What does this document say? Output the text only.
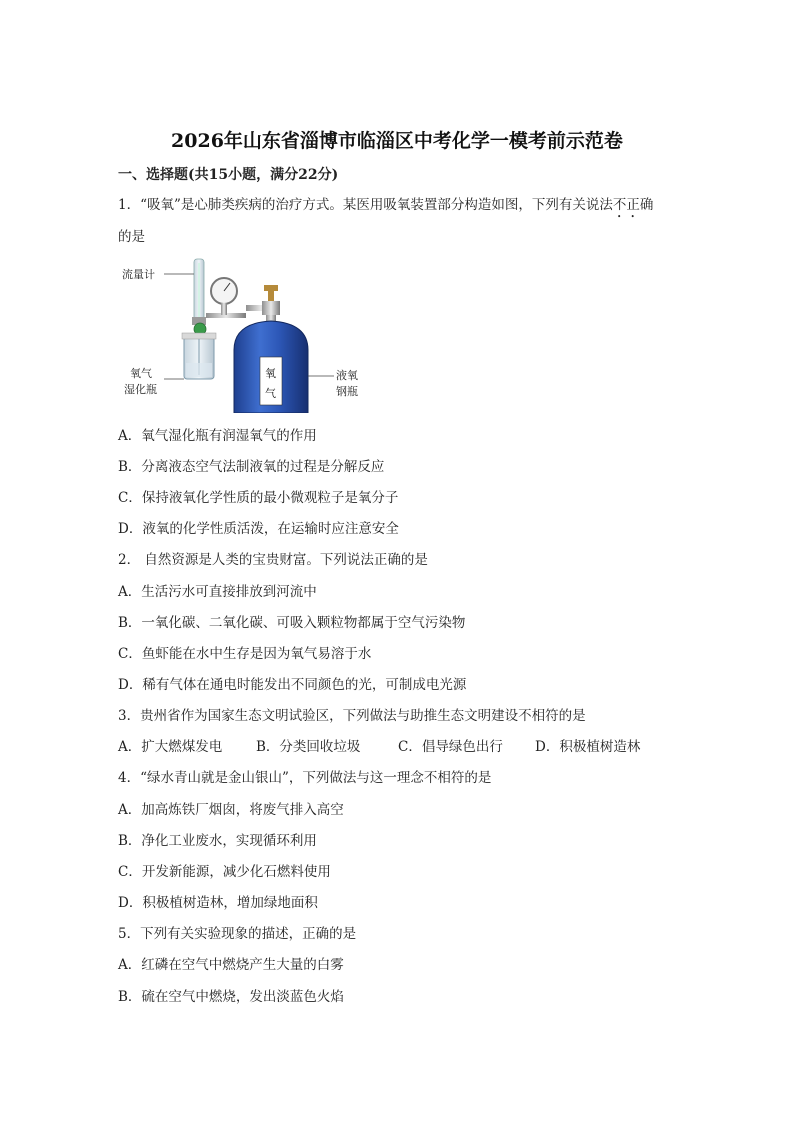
2026年山东省淄博市临淄区中考化学一模考前示范卷
一、选择题(共15小题，满分22分)
1．“吸氧”是心肺类疾病的治疗方式。某医用吸氧装置部分构造如图，下列有关说法不正确
的是
流量计
氧气
湿化瓶
液氧
钢瓶
氧
气
A．氧气湿化瓶有润湿氧气的作用
B．分离液态空气法制液氧的过程是分解反应
C．保持液氧化学性质的最小微观粒子是氧分子
D．液氧的化学性质活泼，在运输时应注意安全
2． 自然资源是人类的宝贵财富。下列说法正确的是
A．生活污水可直接排放到河流中
B．一氧化碳、二氧化碳、可吸入颗粒物都属于空气污染物
C．鱼虾能在水中生存是因为氧气易溶于水
D．稀有气体在通电时能发出不同颜色的光，可制成电光源
3．贵州省作为国家生态文明试验区，下列做法与助推生态文明建设不相符的是
A．扩大燃煤发电	B．分类回收垃圾	C．倡导绿色出行 D．积极植树造林
4．“绿水青山就是金山银山”，下列做法与这一理念不相符的是
A．加高炼铁厂烟囱，将废气排入高空
B．净化工业废水，实现循环利用
C．开发新能源，减少化石燃料使用
D．积极植树造林，增加绿地面积
5．下列有关实验现象的描述，正确的是
A．红磷在空气中燃烧产生大量的白雾
B．硫在空气中燃烧，发出淡蓝色火焰
